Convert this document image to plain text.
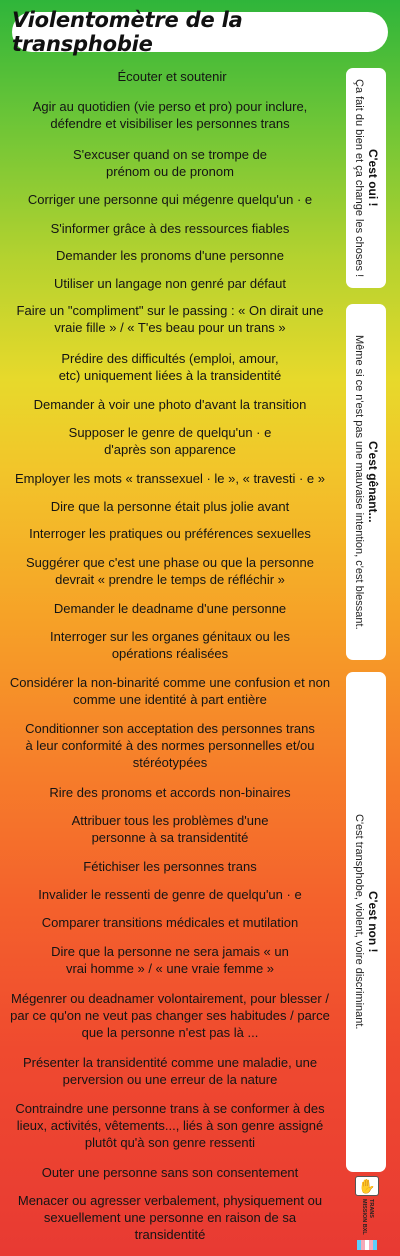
Violentomètre de la transphobie
Écouter et soutenir
Agir au quotidien (vie perso et pro) pour inclure, défendre et visibiliser les personnes trans
S'excuser quand on se trompe de prénom ou de pronom
Corriger une personne qui mégenre quelqu'un · e
S'informer grâce à des ressources fiables
Demander les pronoms d'une personne
Utiliser un langage non genré par défaut
Faire un "compliment" sur le passing : « On dirait une vraie fille » / « T'es beau pour un trans »
Prédire des difficultés (emploi, amour, etc) uniquement liées à la transidentité
Demander à voir une photo d'avant la transition
Supposer le genre de quelqu'un · e d'après son apparence
Employer les mots « transsexuel · le », « travesti · e »
Dire que la personne était plus jolie avant
Interroger les pratiques ou préférences sexuelles
Suggérer que c'est une phase ou que la personne devrait « prendre le temps de réfléchir »
Demander le deadname d'une personne
Interroger sur les organes génitaux ou les opérations réalisées
Considérer la non-binarité comme une confusion et non comme une identité à part entière
Conditionner son acceptation des personnes trans à leur conformité à des normes personnelles et/ou stéréotypées
Rire des pronoms et accords non-binaires
Attribuer tous les problèmes d'une personne à sa transidentité
Fétichiser les personnes trans
Invalider le ressenti de genre de quelqu'un · e
Comparer transitions médicales et mutilation
Dire que la personne ne sera jamais « un vrai homme » / « une vraie femme »
Mégenrer ou deadnamer volontairement, pour blesser / par ce qu'on ne veut pas changer ses habitudes / parce que la personne n'est pas là ...
Présenter la transidentité comme une maladie, une perversion ou une erreur de la nature
Contraindre une personne trans à se conformer à des lieux, activités, vêtements..., liés à son genre assigné plutôt qu'à son genre ressenti
Outer une personne sans son consentement
Menacer ou agresser verbalement, physiquement ou sexuellement une personne en raison de sa transidentité
C'est oui !
Ça fait du bien et ça change les choses !
C'est gênant...
Même si ce n'est pas une mauvaise intention, c'est blessant.
C'est non !
C'est transphobe, violent, voire discriminant.
✋
TRANS MISSION BXL
